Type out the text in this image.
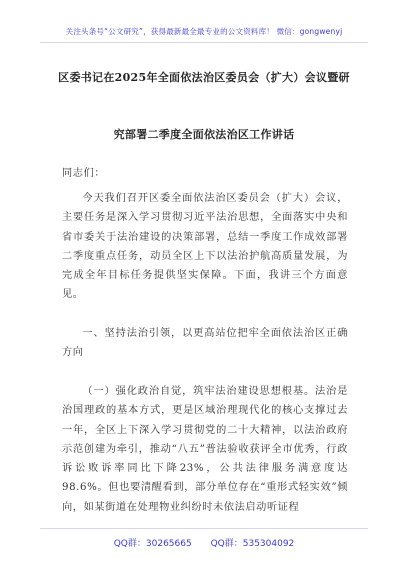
关注头条号“公文研究”，获得最新最全最专业的公文资料库！ 微信：gongwenyj
区委书记在2025年全面依法治区委员会（扩大）会议暨研
究部署二季度全面依法治区工作讲话

同志们：

今天我们召开区委全面依法治区委员会（扩大）会议，主要任务是深入学习贯彻习近平法治思想，全面落实中央和省市委关于法治建设的决策部署，总结一季度工作成效部署二季度重点任务，动员全区上下以法治护航高质量发展，为完成全年目标任务提供坚实保障。下面，我讲三个方面意见。

一、坚持法治引领，以更高站位把牢全面依法治区正确方向

（一）强化政治自觉，筑牢法治建设思想根基。法治是治国理政的基本方式，更是区域治理现代化的核心支撑过去一年，全区上下深入学习贯彻党的二十大精神，以法治政府示范创建为牵引，推动“八五”普法验收获评全市优秀，行政诉讼败诉率同比下降23%，公共法律服务满意度达98.6%。但也要清醒看到，部分单位存在“重形式轻实效”倾向，如某街道在处理物业纠纷时未依法启动听证程

QQ群：30265665 QQ群：535304092
